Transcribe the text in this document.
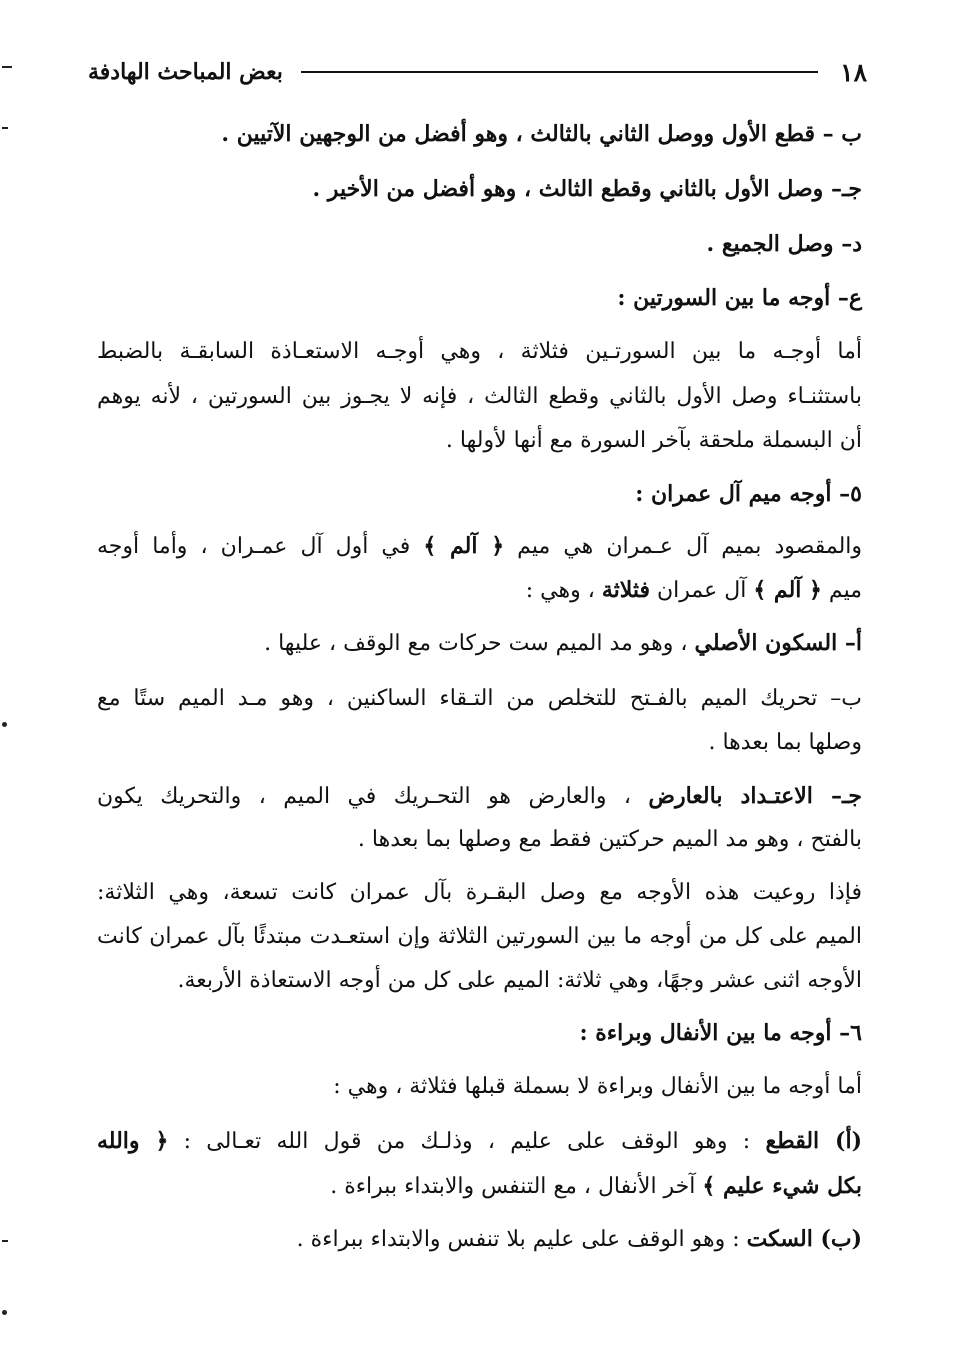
١٨
بعض المباحث الهادفة
ب – قطع الأول ووصل الثاني بالثالث ، وهو أفضل من الوجهين الآتيين .
جـ– وصل الأول بالثاني وقطع الثالث ، وهو أفضل من الأخير .
د– وصل الجميع .
ع– أوجه ما بين السورتين :
أما أوجـه ما بين السورتـين فثلاثة ، وهي أوجـه الاستعـاذة السابقـة بالضبط
باستثنـاء وصل الأول بالثاني وقطع الثالث ، فإنه لا يجـوز بين السورتين ، لأنه يوهم
أن البسملة ملحقة بآخر السورة مع أنها لأولها .
٥– أوجه ميم آل عمران :
والمقصود بميم آل عـمران هي ميم ﴿ آلم ﴾ في أول آل عمـران ، وأما أوجه
ميم ﴿ آلم ﴾ آل عمران فثلاثة ، وهي :
أ– السكون الأصلي ، وهو مد الميم ست حركات مع الوقف ، عليها .
ب– تحريك الميم بالفـتح للتخلص من التـقاء الساكنين ، وهو مـد الميم ستًا مع
وصلها بما بعدها .
جـ– الاعتـداد بالعارض ، والعارض هو التحـريك في الميم ، والتحريك يكون
بالفتح ، وهو مد الميم حركتين فقط مع وصلها بما بعدها .
فإذا روعيت هذه الأوجه مع وصل البقـرة بآل عمران كانت تسعة، وهي الثلاثة:
الميم على كل من أوجه ما بين السورتين الثلاثة وإن استعـدت مبتدئًا بآل عمران كانت
الأوجه اثنى عشر وجهًا، وهي ثلاثة: الميم على كل من أوجه الاستعاذة الأربعة.
٦– أوجه ما بين الأنفال وبراءة :
أما أوجه ما بين الأنفال وبراءة لا بسملة قبلها فثلاثة ، وهي :
(أ) القطع : وهو الوقف على عليم ، وذلـك من قول الله تعـالى : ﴿ والله
بكل شيء عليم ﴾ آخر الأنفال ، مع التنفس والابتداء ببراءة .
(ب) السكت : وهو الوقف على عليم بلا تنفس والابتداء ببراءة .
